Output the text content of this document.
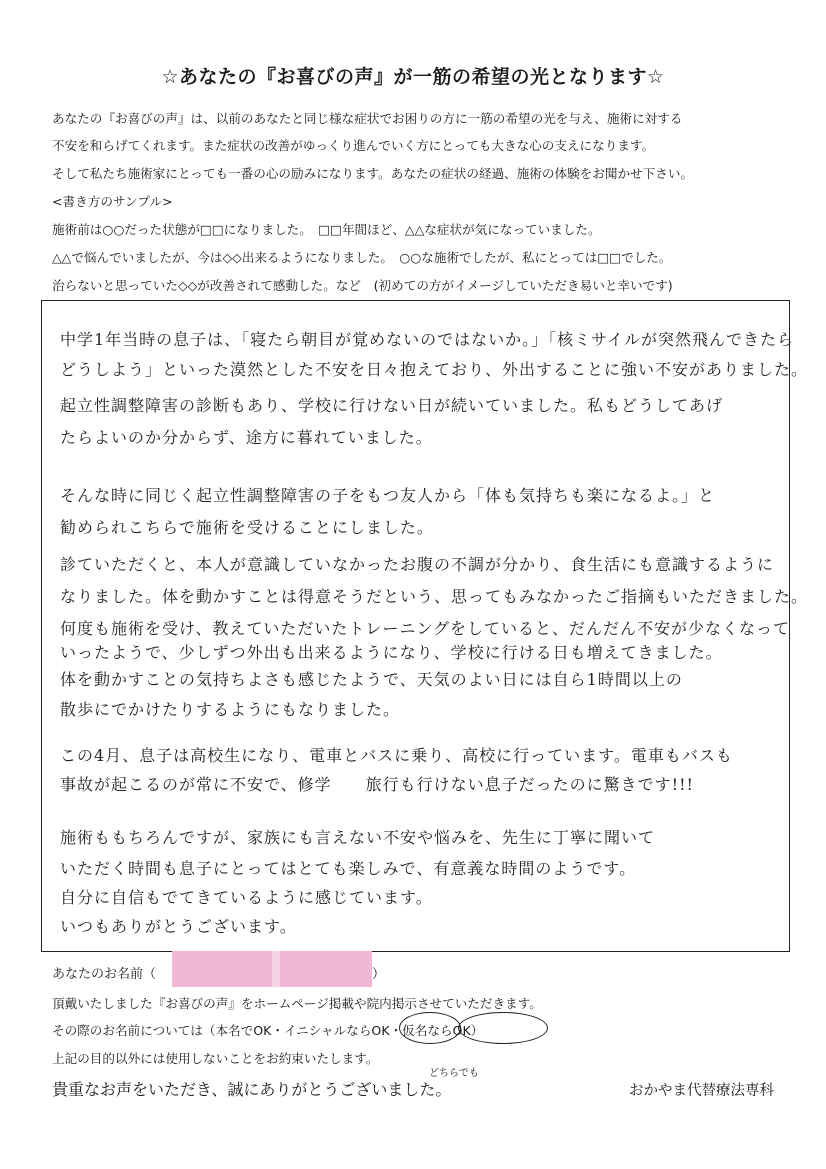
☆あなたの『お喜びの声』が一筋の希望の光となります☆
あなたの『お喜びの声』は、以前のあなたと同じ様な症状でお困りの方に一筋の希望の光を与え、施術に対する
不安を和らげてくれます。また症状の改善がゆっくり進んでいく方にとっても大きな心の支えになります。
そして私たち施術家にとっても一番の心の励みになります。あなたの症状の経過、施術の体験をお聞かせ下さい。
<書き方のサンプル>
施術前は○○だった状態が□□になりました。　□□年間ほど、△△な症状が気になっていました。
△△で悩んでいましたが、今は◇◇出来るようになりました。　○○な施術でしたが、私にとっては□□でした。
治らないと思っていた◇◇が改善されて感動した。など　(初めての方がイメージしていただき易いと幸いです)
中学1年当時の息子は、「寝たら朝目が覚めないのではないか。」「核ミサイルが突然飛んできたら
どうしよう」といった漠然とした不安を日々抱えており、外出することに強い不安がありました。
起立性調整障害の診断もあり、学校に行けない日が続いていました。私もどうしてあげ
たらよいのか分からず、途方に暮れていました。
そんな時に同じく起立性調整障害の子をもつ友人から「体も気持ちも楽になるよ。」と
勧められこちらで施術を受けることにしました。
診ていただくと、本人が意識していなかったお腹の不調が分かり、食生活にも意識するように
なりました。体を動かすことは得意そうだという、思ってもみなかったご指摘もいただきました。
何度も施術を受け、教えていただいたトレーニングをしていると、だんだん不安が少なくなって
いったようで、少しずつ外出も出来るようになり、学校に行ける日も増えてきました。
体を動かすことの気持ちよさも感じたようで、天気のよい日には自ら1時間以上の
散歩にでかけたりするようにもなりました。
この4月、息子は高校生になり、電車とバスに乗り、高校に行っています。電車もバスも
事故が起こるのが常に不安で、修学　　旅行も行けない息子だったのに驚きです!!!
施術ももちろんですが、家族にも言えない不安や悩みを、先生に丁寧に聞いて
いただく時間も息子にとってはとても楽しみで、有意義な時間のようです。
自分に自信もでてきているように感じています。
いつもありがとうございます。
あなたのお名前（	）
頂戴いたしました『お喜びの声』をホームページ掲載や院内掲示させていただきます。
その際のお名前については（本名でOK・イニシャルならOK・仮名ならOK）
上記の目的以外には使用しないことをお約束いたします。
どちらでも
貴重なお声をいただき、誠にありがとうございました。	おかやま代替療法専科
